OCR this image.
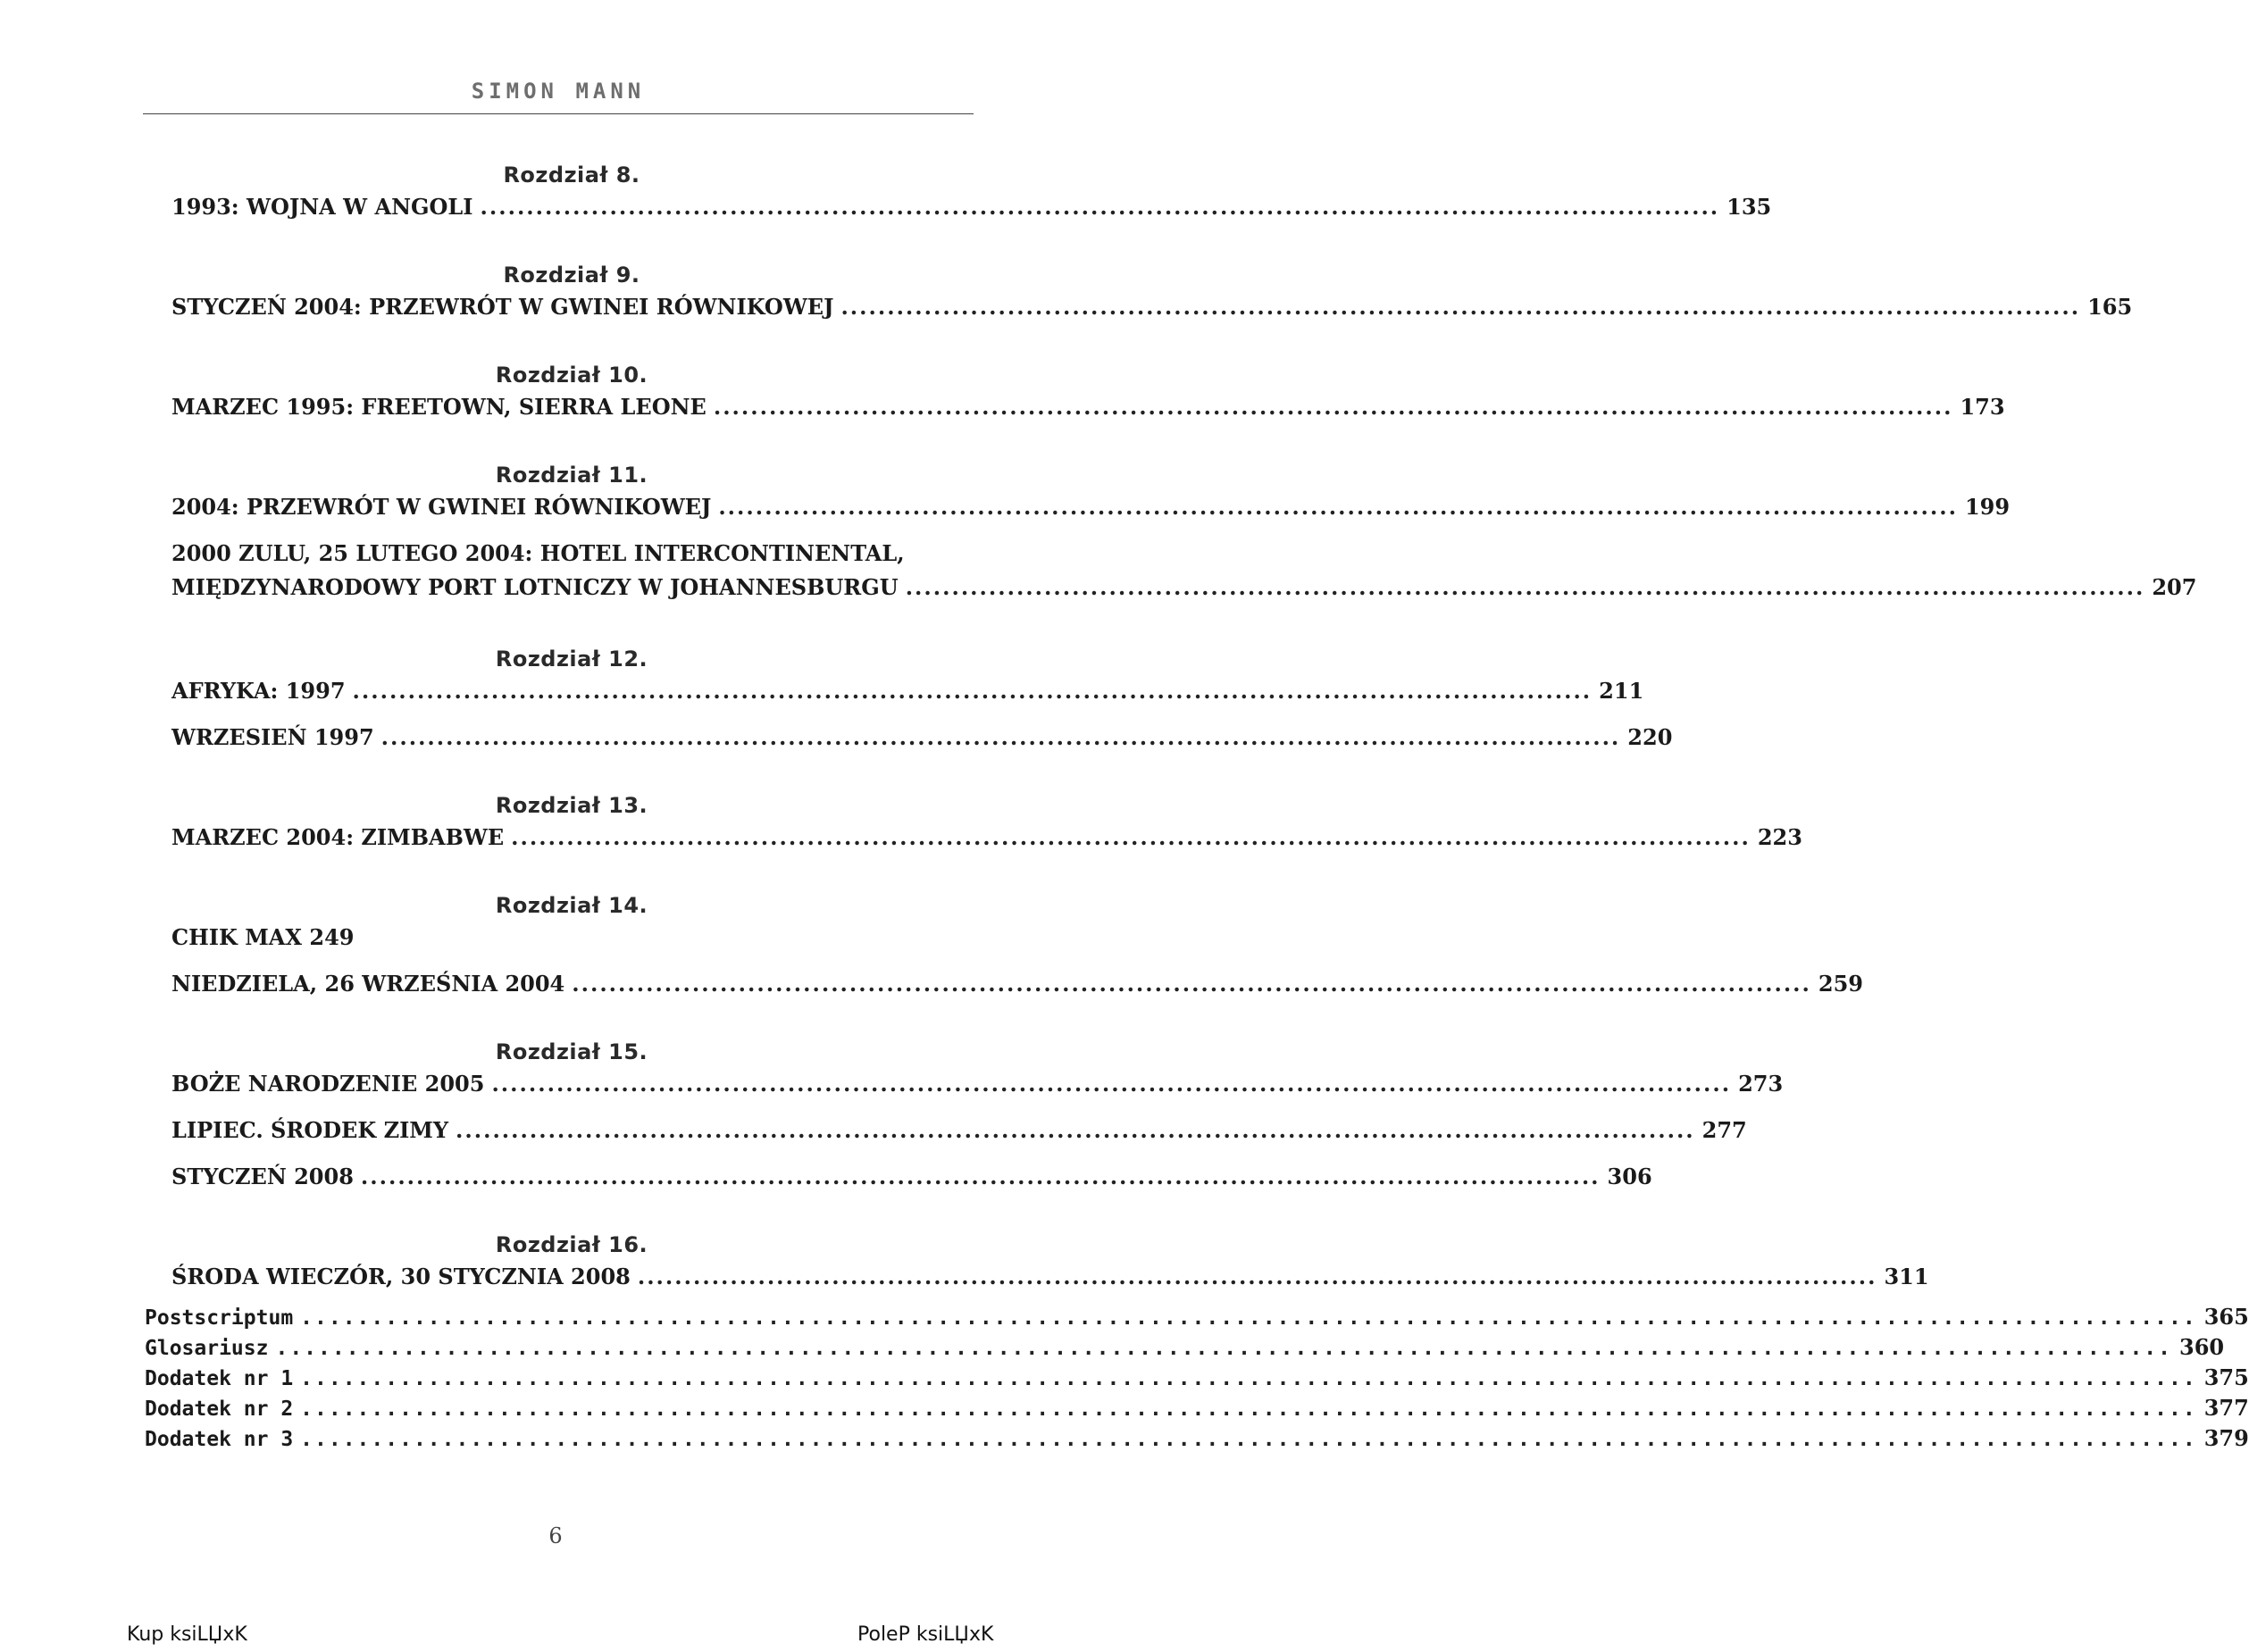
SIMON MANN
Rozdział 8.
1993: WOJNA W ANGOLI ...................................................................................................................................... 135
Rozdział 9.
STYCZEŃ 2004: PRZEWRÓT W GWINEI RÓWNIKOWEJ ...................................................................................................................................... 165
Rozdział 10.
MARZEC 1995: FREETOWN, SIERRA LEONE ...................................................................................................................................... 173
Rozdział 11.
2004: PRZEWRÓT W GWINEI RÓWNIKOWEJ ...................................................................................................................................... 199
2000 ZULU, 25 LUTEGO 2004: HOTEL INTERCONTINENTAL,
MIĘDZYNARODOWY PORT LOTNICZY W JOHANNESBURGU ...................................................................................................................................... 207
Rozdział 12.
AFRYKA: 1997 ...................................................................................................................................... 211
WRZESIEŃ 1997 ...................................................................................................................................... 220
Rozdział 13.
MARZEC 2004: ZIMBABWE ...................................................................................................................................... 223
Rozdział 14.
CHIK MAX 249
NIEDZIELA, 26 WRZEŚNIA 2004 ...................................................................................................................................... 259
Rozdział 15.
BOŻE NARODZENIE 2005 ...................................................................................................................................... 273
LIPIEC. ŚRODEK ZIMY ...................................................................................................................................... 277
STYCZEŃ 2008 ...................................................................................................................................... 306
Rozdział 16.
ŚRODA WIECZÓR, 30 STYCZNIA 2008 ...................................................................................................................................... 311
Postscriptum ...................................................................................................................................... 365
Glosariusz ...................................................................................................................................... 360
Dodatek nr 1 ...................................................................................................................................... 375
Dodatek nr 2 ...................................................................................................................................... 377
Dodatek nr 3 ...................................................................................................................................... 379
6
Kup ksiLЏxK	PoleP ksiLЏxK
